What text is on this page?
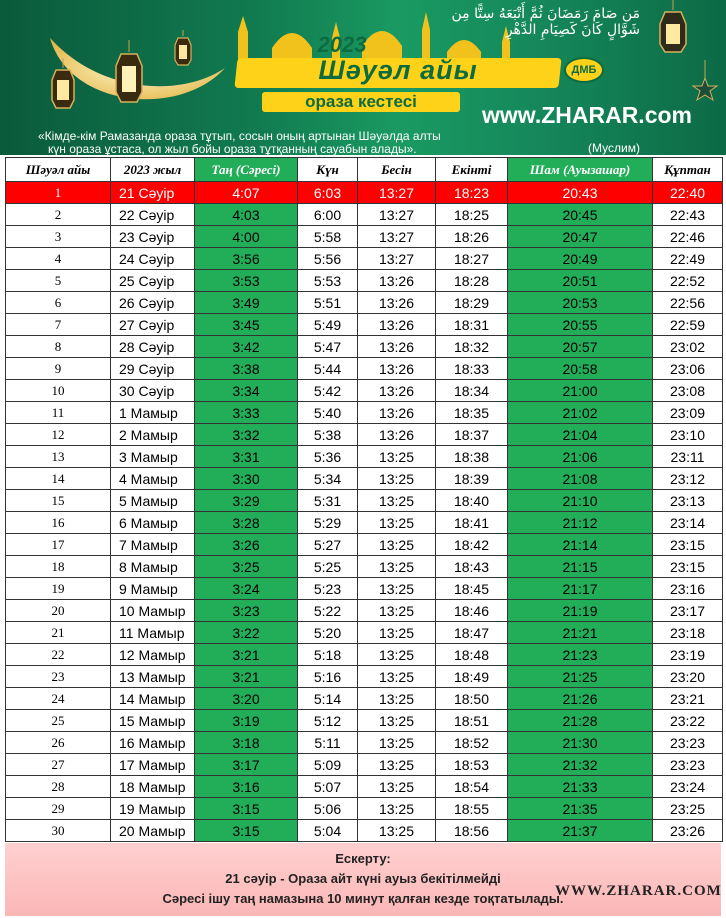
مَن صَامَ رَمَضَانَ ثُمَّ أَتْبَعَهُ سِتًّا مِن
شَوَّالٍ كَانَ كَصِيَامِ الدَّهْرِ
2023
Шәуәл айы
ораза кестесі
ДМБ
www.ZHARAR.com
«Кімде-кім Рамазанда ораза тұтып, сосын оның артынан Шәуәлда алты
күн ораза ұстаса, ол жыл бойы ораза тұтқанның сауабын алады».	(Муслим)
Шәуәл айы	2023 жыл	Таң (Сәресі)	Күн	Бесін	Екінті	Шам (Ауызашар)	Құптан
1	21 Сәуір	4:07	6:03	13:27	18:23	20:43	22:40
2	22 Сәуір	4:03	6:00	13:27	18:25	20:45	22:43
3	23 Сәуір	4:00	5:58	13:27	18:26	20:47	22:46
4	24 Сәуір	3:56	5:56	13:27	18:27	20:49	22:49
5	25 Сәуір	3:53	5:53	13:26	18:28	20:51	22:52
6	26 Сәуір	3:49	5:51	13:26	18:29	20:53	22:56
7	27 Сәуір	3:45	5:49	13:26	18:31	20:55	22:59
8	28 Сәуір	3:42	5:47	13:26	18:32	20:57	23:02
9	29 Сәуір	3:38	5:44	13:26	18:33	20:58	23:06
10	30 Сәуір	3:34	5:42	13:26	18:34	21:00	23:08
11	1 Мамыр	3:33	5:40	13:26	18:35	21:02	23:09
12	2 Мамыр	3:32	5:38	13:26	18:37	21:04	23:10
13	3 Мамыр	3:31	5:36	13:25	18:38	21:06	23:11
14	4 Мамыр	3:30	5:34	13:25	18:39	21:08	23:12
15	5 Мамыр	3:29	5:31	13:25	18:40	21:10	23:13
16	6 Мамыр	3:28	5:29	13:25	18:41	21:12	23:14
17	7 Мамыр	3:26	5:27	13:25	18:42	21:14	23:15
18	8 Мамыр	3:25	5:25	13:25	18:43	21:15	23:15
19	9 Мамыр	3:24	5:23	13:25	18:45	21:17	23:16
20	10 Мамыр	3:23	5:22	13:25	18:46	21:19	23:17
21	11 Мамыр	3:22	5:20	13:25	18:47	21:21	23:18
22	12 Мамыр	3:21	5:18	13:25	18:48	21:23	23:19
23	13 Мамыр	3:21	5:16	13:25	18:49	21:25	23:20
24	14 Мамыр	3:20	5:14	13:25	18:50	21:26	23:21
25	15 Мамыр	3:19	5:12	13:25	18:51	21:28	23:22
26	16 Мамыр	3:18	5:11	13:25	18:52	21:30	23:23
27	17 Мамыр	3:17	5:09	13:25	18:53	21:32	23:23
28	18 Мамыр	3:16	5:07	13:25	18:54	21:33	23:24
29	19 Мамыр	3:15	5:06	13:25	18:55	21:35	23:25
30	20 Мамыр	3:15	5:04	13:25	18:56	21:37	23:26
Ескерту:
21 сәуір - Ораза айт күні ауыз бекітілмейді
Сәресі ішу таң намазына 10 минут қалған кезде тоқтатылады.
WWW.ZHARAR.COM
